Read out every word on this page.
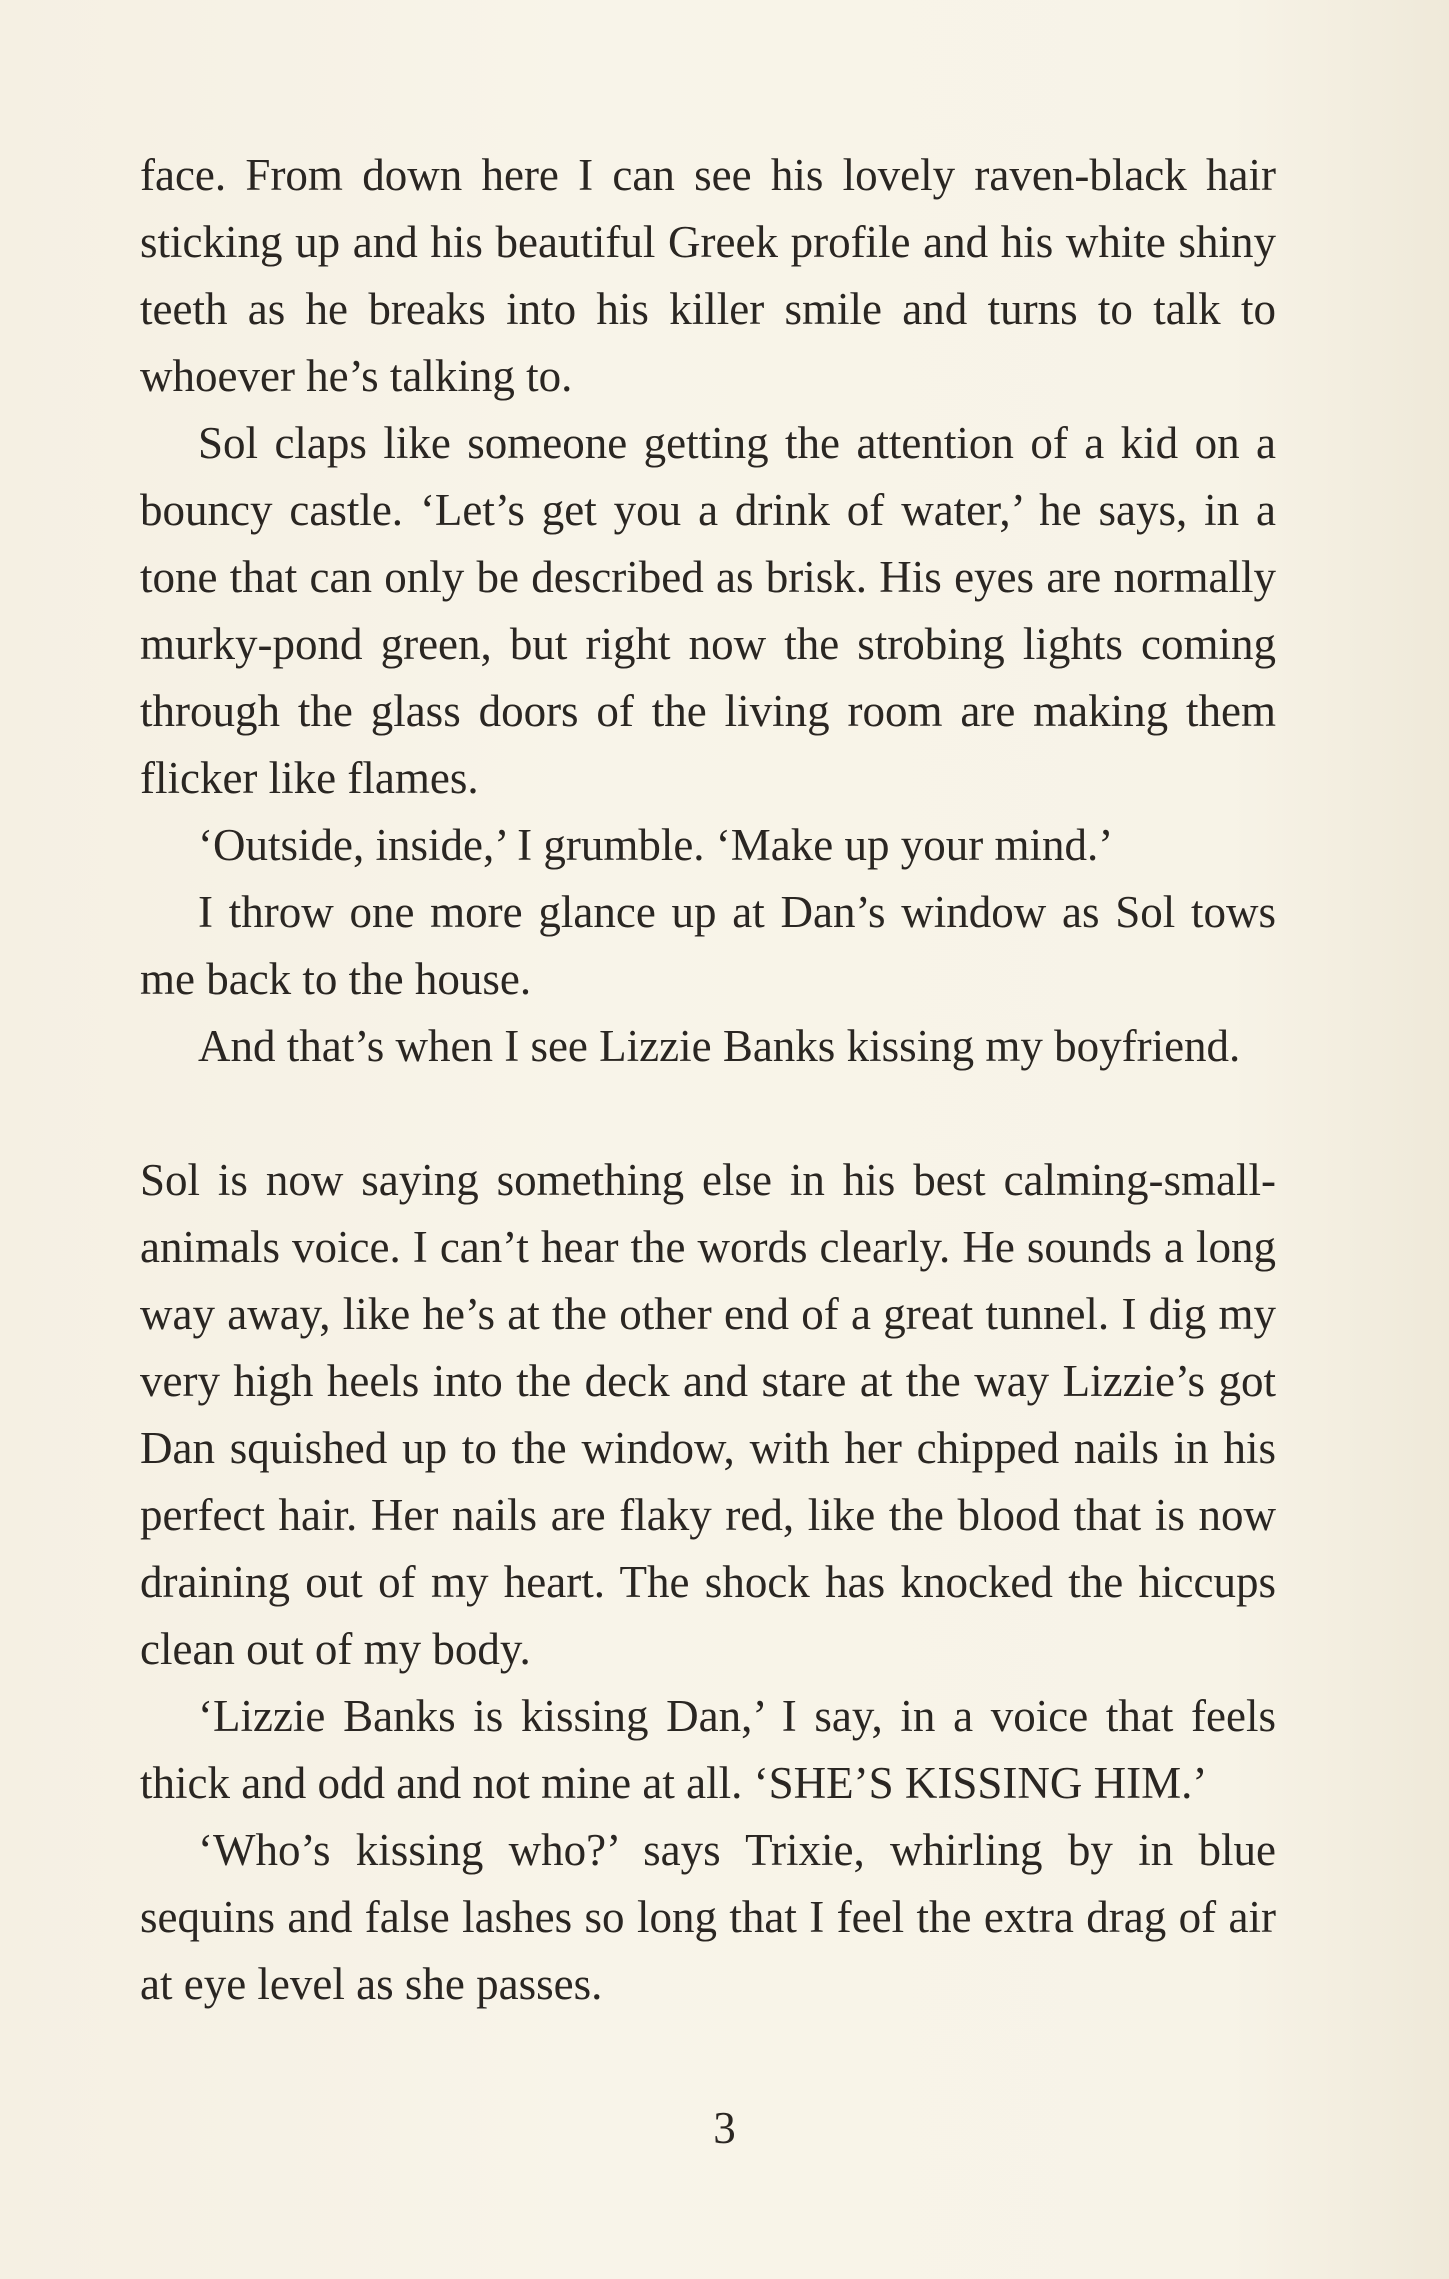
face. From down here I can see his lovely raven-black hair sticking up and his beautiful Greek profile and his white shiny teeth as he breaks into his killer smile and turns to talk to whoever he’s talking to.

Sol claps like someone getting the attention of a kid on a bouncy castle. ‘Let’s get you a drink of water,’ he says, in a tone that can only be described as brisk. His eyes are normally murky-pond green, but right now the strobing lights coming through the glass doors of the living room are making them flicker like flames.

‘Outside, inside,’ I grumble. ‘Make up your mind.’

I throw one more glance up at Dan’s window as Sol tows me back to the house.

And that’s when I see Lizzie Banks kissing my boyfriend.

Sol is now saying something else in his best calming-small-animals voice. I can’t hear the words clearly. He sounds a long way away, like he’s at the other end of a great tunnel. I dig my very high heels into the deck and stare at the way Lizzie’s got Dan squished up to the window, with her chipped nails in his perfect hair. Her nails are flaky red, like the blood that is now draining out of my heart. The shock has knocked the hiccups clean out of my body.

‘Lizzie Banks is kissing Dan,’ I say, in a voice that feels thick and odd and not mine at all. ‘SHE’S KISSING HIM.’

‘Who’s kissing who?’ says Trixie, whirling by in blue sequins and false lashes so long that I feel the extra drag of air at eye level as she passes.

3
